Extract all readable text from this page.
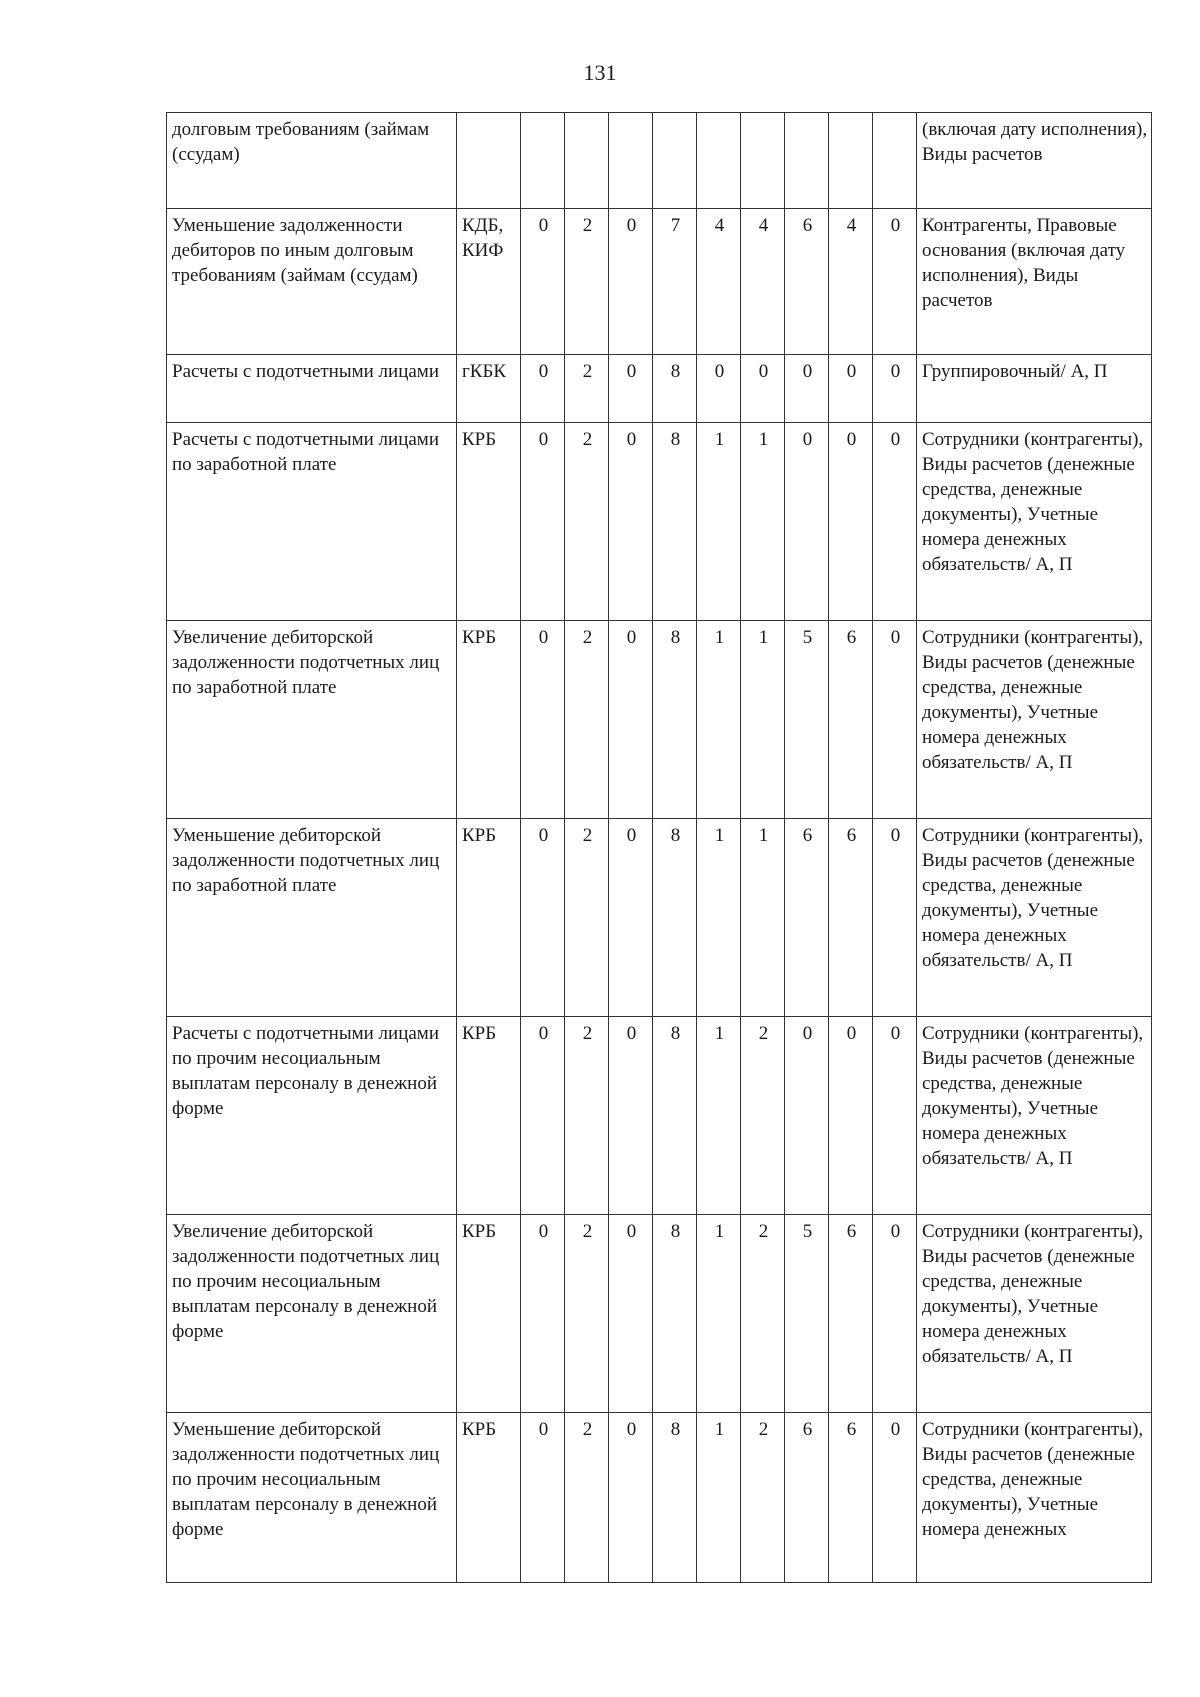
131
долговым требованиям (займам (ссудам)											(включая дату исполнения), Виды расчетов
Уменьшение задолженности дебиторов по иным долговым требованиям (займам (ссудам)	КДБ, КИФ	0	2	0	7	4	4	6	4	0	Контрагенты, Правовые основания (включая дату исполнения), Виды расчетов
Расчеты с подотчетными лицами	гКБК	0	2	0	8	0	0	0	0	0	Группировочный/ А, П
Расчеты с подотчетными лицами по заработной плате	КРБ	0	2	0	8	1	1	0	0	0	Сотрудники (контрагенты), Виды расчетов (денежные средства, денежные документы), Учетные номера денежных обязательств/ А, П
Увеличение дебиторской задолженности подотчетных лиц по заработной плате	КРБ	0	2	0	8	1	1	5	6	0	Сотрудники (контрагенты), Виды расчетов (денежные средства, денежные документы), Учетные номера денежных обязательств/ А, П
Уменьшение дебиторской задолженности подотчетных лиц по заработной плате	КРБ	0	2	0	8	1	1	6	6	0	Сотрудники (контрагенты), Виды расчетов (денежные средства, денежные документы), Учетные номера денежных обязательств/ А, П
Расчеты с подотчетными лицами по прочим несоциальным выплатам персоналу в денежной форме	КРБ	0	2	0	8	1	2	0	0	0	Сотрудники (контрагенты), Виды расчетов (денежные средства, денежные документы), Учетные номера денежных обязательств/ А, П
Увеличение дебиторской задолженности подотчетных лиц по прочим несоциальным выплатам персоналу в денежной форме	КРБ	0	2	0	8	1	2	5	6	0	Сотрудники (контрагенты), Виды расчетов (денежные средства, денежные документы), Учетные номера денежных обязательств/ А, П
Уменьшение дебиторской задолженности подотчетных лиц по прочим несоциальным выплатам персоналу в денежной форме	КРБ	0	2	0	8	1	2	6	6	0	Сотрудники (контрагенты), Виды расчетов (денежные средства, денежные документы), Учетные номера денежных
